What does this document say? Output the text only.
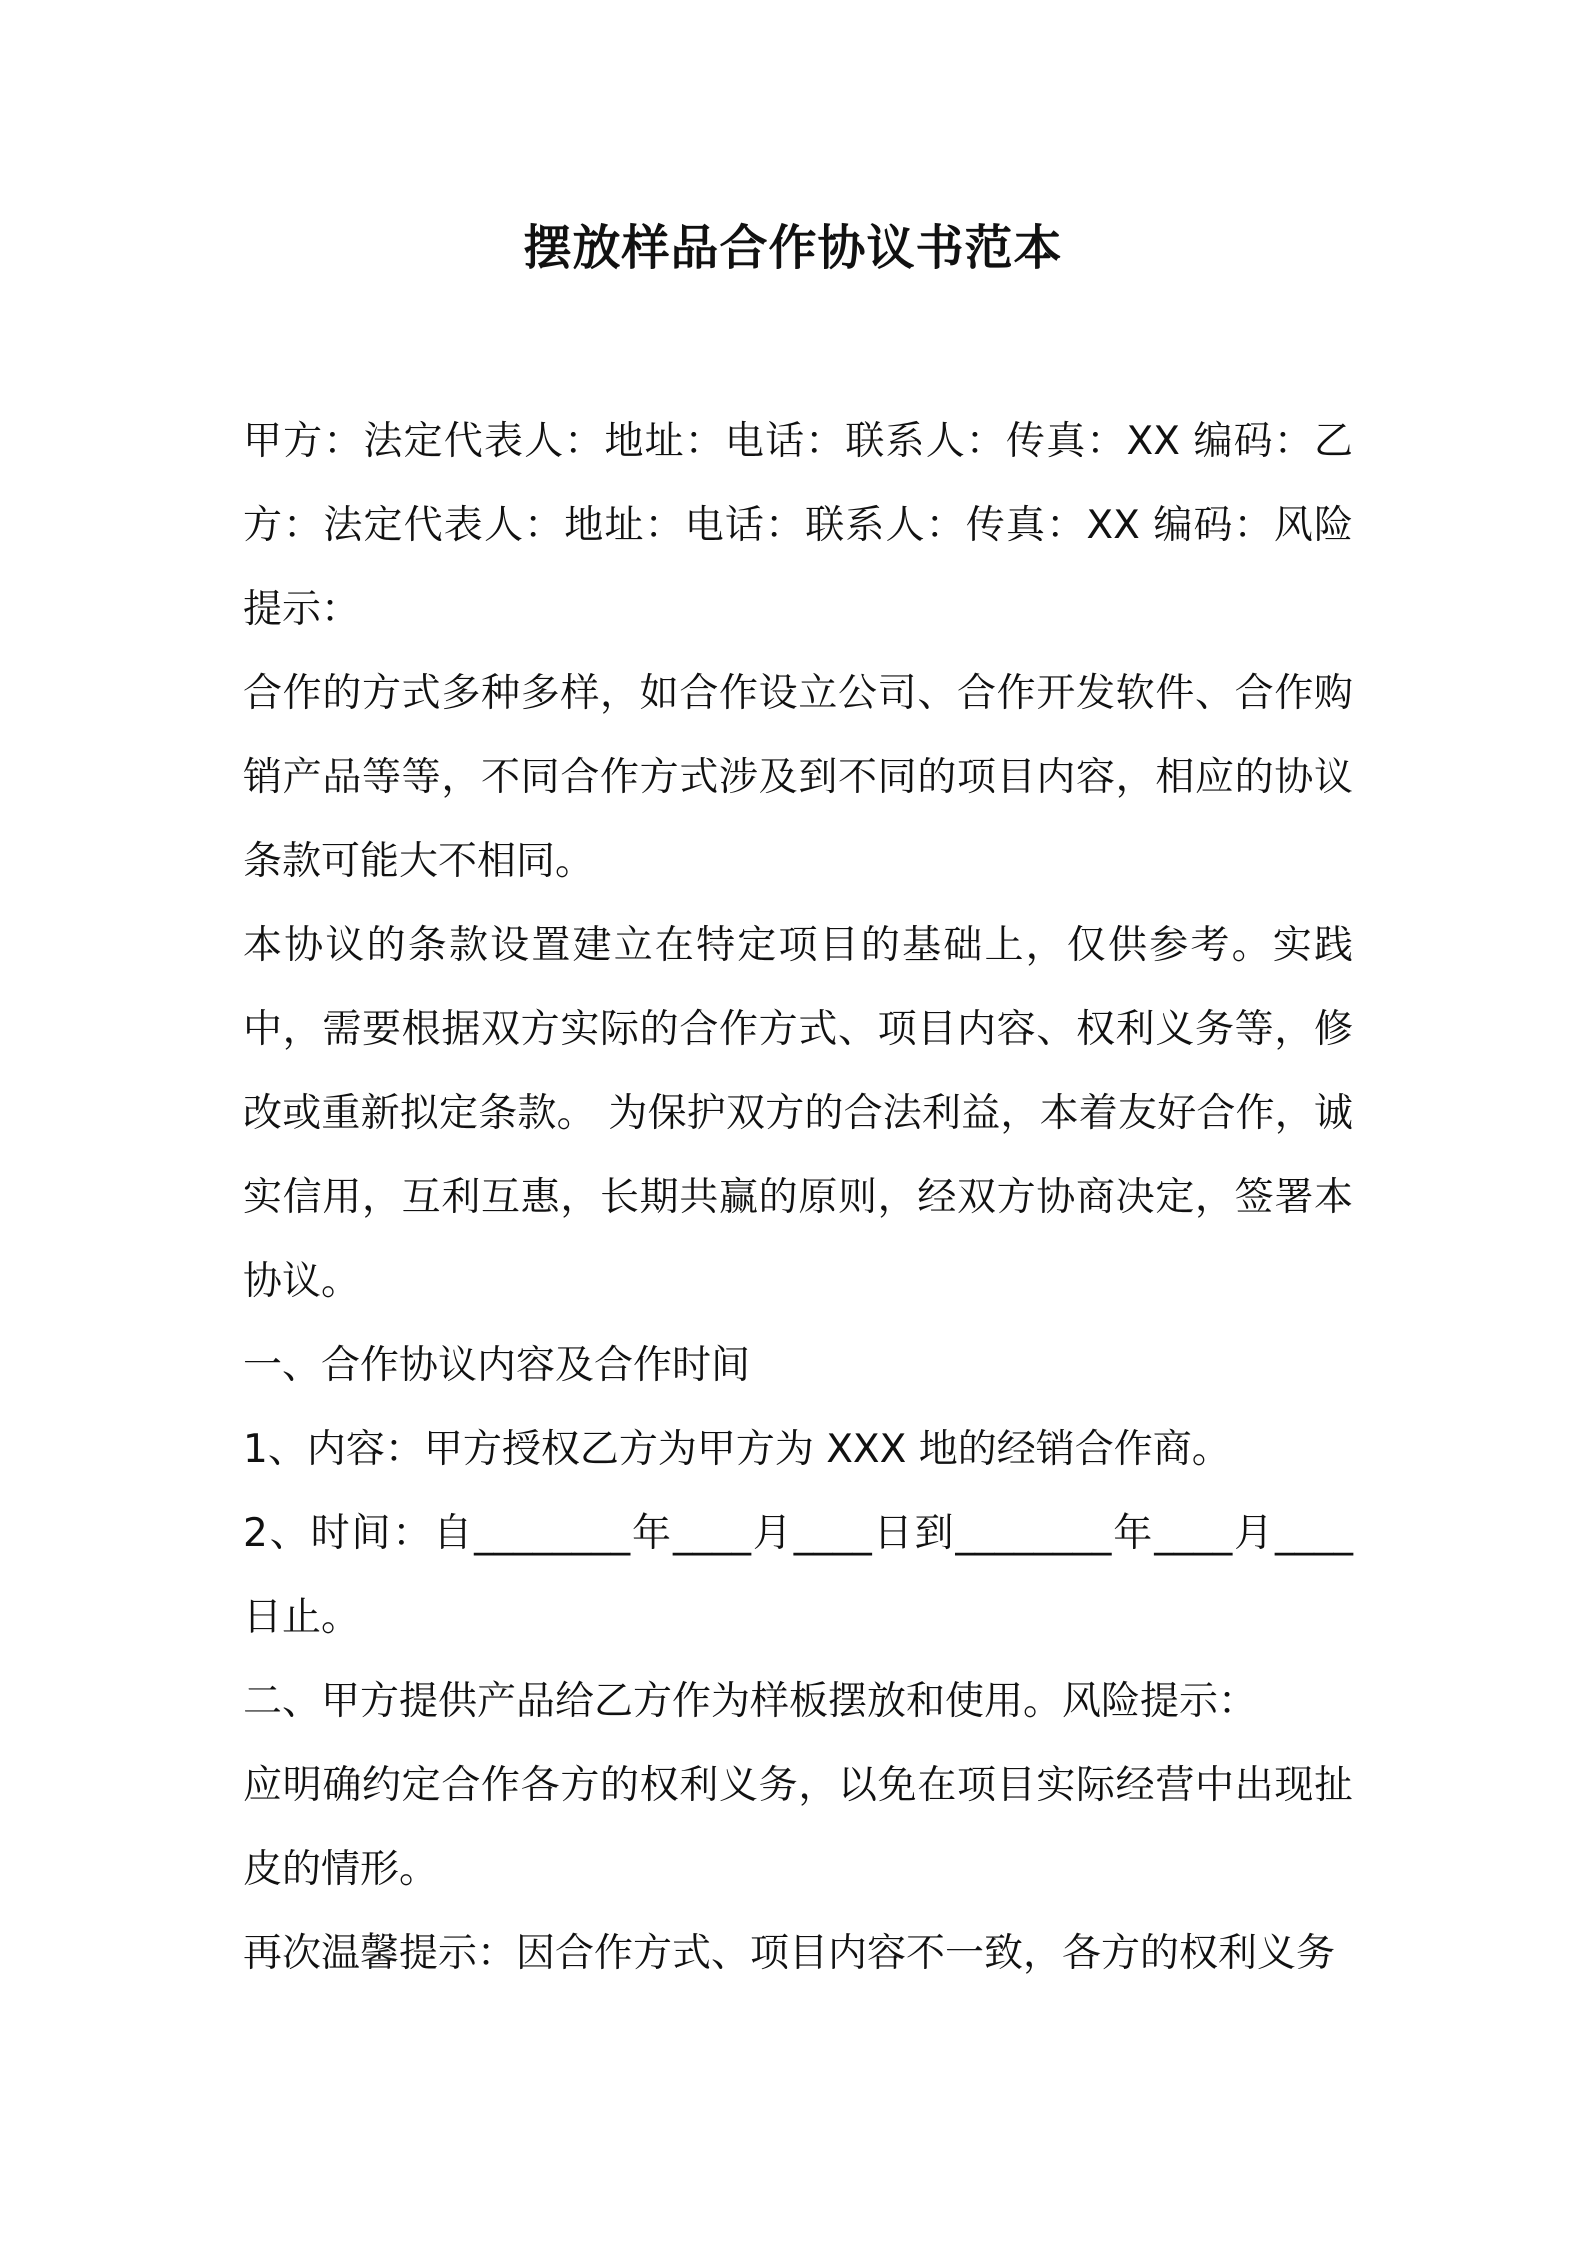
摆放样品合作协议书范本

甲方：法定代表人：地址：电话：联系人：传真：XX 编码：乙方：法定代表人：地址：电话：联系人：传真：XX 编码：风险提示：

合作的方式多种多样，如合作设立公司、合作开发软件、合作购销产品等等，不同合作方式涉及到不同的项目内容，相应的协议条款可能大不相同。

本协议的条款设置建立在特定项目的基础上，仅供参考。实践中，需要根据双方实际的合作方式、项目内容、权利义务等，修改或重新拟定条款。 为保护双方的合法利益，本着友好合作，诚实信用，互利互惠，长期共赢的原则，经双方协商决定，签署本协议。

一、合作协议内容及合作时间

1、内容：甲方授权乙方为甲方为 XXX 地的经销合作商。

2、时间：自________年____月____日到________年____月____日止。

二、甲方提供产品给乙方作为样板摆放和使用。风险提示：

应明确约定合作各方的权利义务，以免在项目实际经营中出现扯皮的情形。

再次温馨提示：因合作方式、项目内容不一致，各方的权利义务
